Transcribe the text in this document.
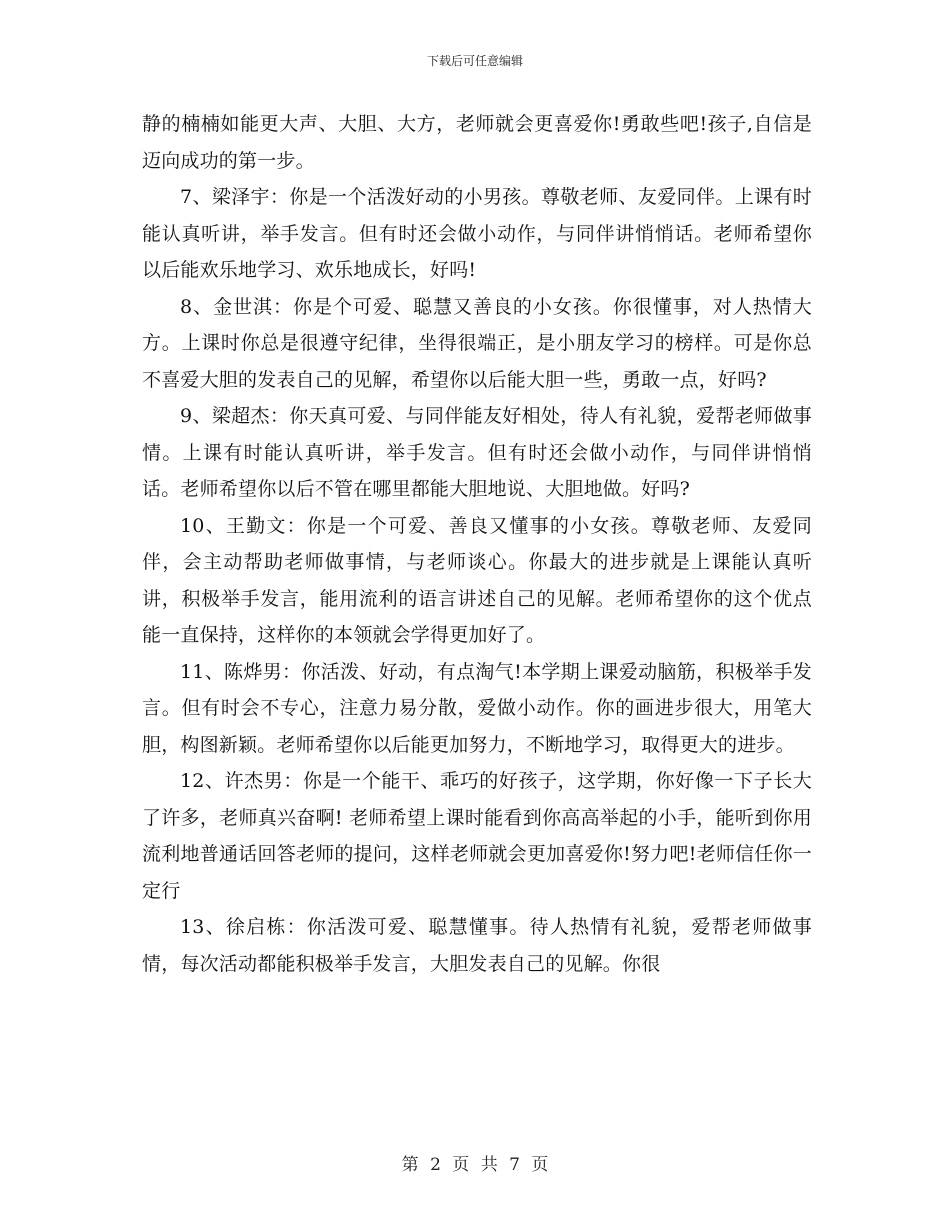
下载后可任意编辑

静的楠楠如能更大声、大胆、大方，老师就会更喜爱你!勇敢些吧!孩子,自信是迈向成功的第一步。

7、梁泽宇：你是一个活泼好动的小男孩。尊敬老师、友爱同伴。上课有时能认真听讲，举手发言。但有时还会做小动作，与同伴讲悄悄话。老师希望你以后能欢乐地学习、欢乐地成长，好吗!

8、金世淇：你是个可爱、聪慧又善良的小女孩。你很懂事，对人热情大方。上课时你总是很遵守纪律，坐得很端正，是小朋友学习的榜样。可是你总不喜爱大胆的发表自己的见解，希望你以后能大胆一些，勇敢一点，好吗?

9、梁超杰：你天真可爱、与同伴能友好相处，待人有礼貌，爱帮老师做事情。上课有时能认真听讲，举手发言。但有时还会做小动作，与同伴讲悄悄话。老师希望你以后不管在哪里都能大胆地说、大胆地做。好吗?

10、王勤文：你是一个可爱、善良又懂事的小女孩。尊敬老师、友爱同伴，会主动帮助老师做事情，与老师谈心。你最大的进步就是上课能认真听讲，积极举手发言，能用流利的语言讲述自己的见解。老师希望你的这个优点能一直保持，这样你的本领就会学得更加好了。

11、陈烨男：你活泼、好动，有点淘气!本学期上课爱动脑筋，积极举手发言。但有时会不专心，注意力易分散，爱做小动作。你的画进步很大，用笔大胆，构图新颖。老师希望你以后能更加努力，不断地学习，取得更大的进步。

12、许杰男：你是一个能干、乖巧的好孩子，这学期，你好像一下子长大了许多，老师真兴奋啊! 老师希望上课时能看到你高高举起的小手，能听到你用流利地普通话回答老师的提问，这样老师就会更加喜爱你!努力吧!老师信任你一定行

13、徐启栋：你活泼可爱、聪慧懂事。待人热情有礼貌，爱帮老师做事情，每次活动都能积极举手发言，大胆发表自己的见解。你很

第 2 页 共 7 页
